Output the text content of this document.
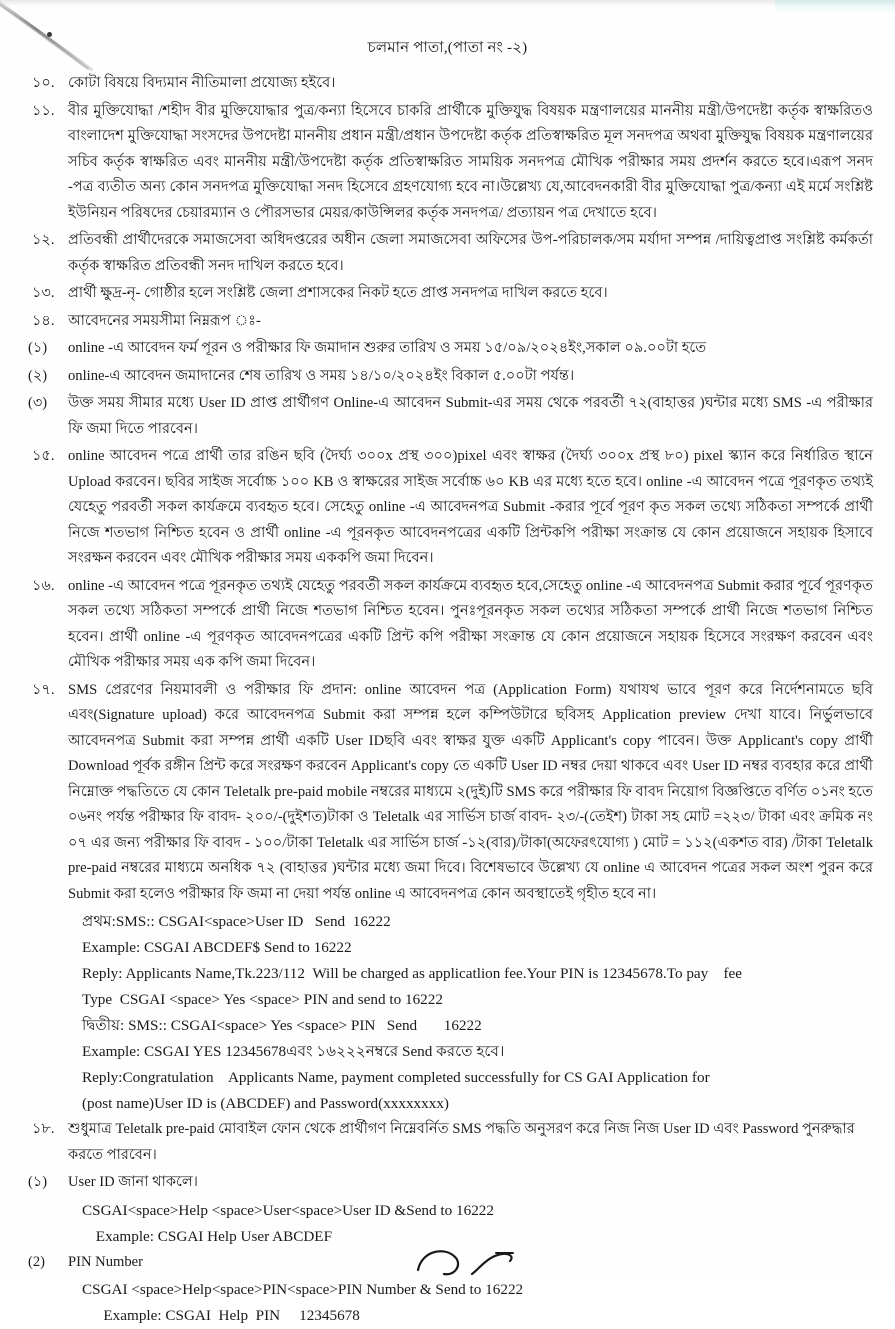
চলমান পাতা,(পাতা নং -২)
১০. কোটা বিষয়ে বিদ্যমান নীতিমালা প্রযোজ্য হইবে।
১১. বীর মুক্তিযোদ্ধা /শহীদ বীর মুক্তিযোদ্ধার পুত্র/কন্যা হিসেবে চাকরি প্রার্থীকে মুক্তিযুদ্ধ বিষয়ক মন্ত্রণালয়ের মাননীয় মন্ত্রী/উপদেষ্টা কর্তৃক স্বাক্ষরিতও বাংলাদেশ মুক্তিযোদ্ধা সংসদের উপদেষ্টা মাননীয় প্রধান মন্ত্রী/প্রধান উপদেষ্টা কর্তৃক প্রতিস্বাক্ষরিত মূল সনদপত্র অথবা মুক্তিযুদ্ধ বিষয়ক মন্ত্রণালয়ের সচিব কর্তৃক স্বাক্ষরিত এবং মাননীয় মন্ত্রী/উপদেষ্টা কর্তৃক প্রতিস্বাক্ষরিত সাময়িক সনদপত্র মৌখিক পরীক্ষার সময় প্রদর্শন করতে হবে।এরূপ সনদ -পত্র ব্যতীত অন্য কোন সনদপত্র মুক্তিযোদ্ধা সনদ হিসেবে গ্রহণযোগ্য হবে না।উল্লেখ্য যে,আবেদনকারী বীর মুক্তিযোদ্ধা পুত্র/কন্যা এই মর্মে সংশ্লিষ্ট ইউনিয়ন পরিষদের চেয়ারম্যান ও পৌরসভার মেয়র/কাউন্সিলর কর্তৃক সনদপত্র/ প্রত্যায়ন পত্র দেখাতে হবে।
১২. প্রতিবন্ধী প্রার্থীদেরকে সমাজসেবা অধিদপ্তরের অধীন জেলা সমাজসেবা অফিসের উপ-পরিচালক/সম মর্যাদা সম্পন্ন /দায়িত্বপ্রাপ্ত সংশ্লিষ্ট কর্মকর্তা কর্তৃক স্বাক্ষরিত প্রতিবন্ধী সনদ দাখিল করতে হবে।
১৩. প্রার্থী ক্ষুদ্র-নৃ- গোষ্ঠীর হলে সংশ্লিষ্ট জেলা প্রশাসকের নিকট হতে প্রাপ্ত সনদপত্র দাখিল করতে হবে।
১৪. আবেদনের সময়সীমা নিম্নরূপ ঃ-
(১)	online -এ আবেদন ফর্ম পূরন ও পরীক্ষার ফি জমাদান শুরুর তারিখ ও সময় ১৫/০৯/২০২৪ইং,সকাল ০৯.০০টা হতে
(২)	online-এ আবেদন জমাদানের শেষ তারিখ ও সময় ১৪/১০/২০২৪ইং বিকাল ৫.০০টা পর্যন্ত।
(৩)	উক্ত সময় সীমার মধ্যে User ID প্রাপ্ত প্রার্থীগণ Online-এ আবেদন Submit-এর সময় থেকে পরবর্তী ৭২(বাহাত্তর )ঘন্টার মধ্যে SMS -এ পরীক্ষার ফি জমা দিতে পারবেন।
১৫. online আবেদন পত্রে প্রার্থী তার রঙিন ছবি (দৈর্ঘ্য ৩০০x প্রস্থ ৩০০)pixel এবং স্বাক্ষর (দৈর্ঘ্য ৩০০x প্রস্থ ৮০) pixel স্ক্যান করে নির্ধারিত স্থানে Upload করবেন। ছবির সাইজ সর্বোচ্চ ১০০ KB ও স্বাক্ষরের সাইজ সর্বোচ্চ ৬০ KB এর মধ্যে হতে হবে। online -এ আবেদন পত্রে পূরণকৃত তথ্যই যেহেতু পরবর্তী সকল কার্যক্রমে ব্যবহৃত হবে। সেহেতু online -এ আবেদনপত্র Submit -করার পূর্বে পূরণ কৃত সকল তথ্যে সঠিকতা সম্পর্কে প্রার্থী নিজে শতভাগ নিশ্চিত হবেন ও প্রার্থী online -এ পূরনকৃত আবেদনপত্রের একটি প্রিন্টকপি পরীক্ষা সংক্রান্ত যে কোন প্রয়োজনে সহায়ক হিসাবে সংরক্ষন করবেন এবং মৌখিক পরীক্ষার সময় এককপি জমা দিবেন।
১৬. online -এ আবেদন পত্রে পূরনকৃত তথ্যই যেহেতু পরবর্তী সকল কার্যক্রমে ব্যবহৃত হবে,সেহেতু online -এ আবেদনপত্র Submit করার পূর্বে পূরণকৃত সকল তথ্যে সঠিকতা সম্পর্কে প্রার্থী ‌নিজে শতভাগ নিশ্চিত হবেন। পুনঃপূরনকৃত সকল তথ্যের সঠিকতা সম্পর্কে প্রার্থী নিজে শতভাগ নিশ্চিত হবেন। প্রার্থী online -এ পূরণকৃত আবেদনপত্রের একটি প্রিন্ট কপি পরীক্ষা সংক্রান্ত যে কোন প্রয়োজনে সহায়ক হিসেবে সংরক্ষণ করবেন এবং মৌখিক পরীক্ষার সময় এক কপি জমা দিবেন।
১৭. SMS প্রেরণের নিয়মাবলী ও পরীক্ষার ফি প্রদান: online আবেদন পত্র (Application Form) যথাযথ ভাবে পূরণ করে নির্দেশনামতে ছবি এবং(Signature upload) করে আবেদনপত্র Submit করা সম্পন্ন হলে কম্পিউটারে ছবিসহ Application preview দেখা যাবে। নির্ভুলভাবে আবেদনপত্র Submit করা সম্পন্ন প্রার্থী একটি User IDছবি এবং স্বাক্ষর যুক্ত একটি Applicant's copy পাবেন। উক্ত Applicant's copy প্রার্থী Download পূর্বক রঙ্গীন প্রিন্ট করে সংরক্ষণ করবেন Applicant's copy তে একটি User ID নম্বর দেয়া থাকবে এবং User ID নম্বর ব্যবহার করে প্রার্থী নিম্নোক্ত পদ্ধতিতে যে কোন Teletalk pre-paid mobile নম্বরের মাধ্যমে ২(দুই)টি SMS করে পরীক্ষার ফি বাবদ নিয়োগ বিজ্ঞপ্তিতে বর্ণিত ০১নং হতে ০৬নং পর্যন্ত পরীক্ষার ফি বাবদ- ২০০/-(দুইশত)টাকা ও Teletalk এর সার্ভিস চার্জ বাবদ- ২৩/-(তেইশ) টাকা সহ মোট =২২৩/ টাকা এবং ক্রমিক নং ০৭ এর জন্য পরীক্ষার ফি বাবদ - ১০০/টাকা Teletalk এর সার্ভিস চার্জ -১২(বার)/টাকা(অফেরৎযোগ্য ) মোট = ১১২(একশত বার) /টাকা Teletalk pre-paid নম্বরের মাধ্যমে অনধিক ৭২ (বাহাত্তর )ঘন্টার মধ্যে জমা দিবে। বিশেষভাবে উল্লেখ্য যে online এ আবেদন পত্রের সকল অংশ পুরন করে Submit করা হলেও পরীক্ষার ফি জমা না দেয়া পর্যন্ত online এ আবেদনপত্র কোন অবস্থাতেই গৃহীত হবে না।
প্রথম:SMS:: CSGAI<space>User ID   Send  16222
Example: CSGAI ABCDEF$ Send to 16222
Reply: Applicants Name,Tk.223/112  Will be charged as applicatlion fee.Your PIN is 12345678.To pay    fee
Type  CSGAI <space> Yes <space> PIN and send to 16222
দ্বিতীয়: SMS:: CSGAI<space> Yes <space> PIN   Send       16222
Example: CSGAI YES 12345678এবং ১৬২২২নম্বরে Send করতে হবে।
Reply:Congratulation    Applicants Name, payment completed successfully for CS GAI Application for
(post name)User ID is (ABCDEF) and Password(xxxxxxxx)
১৮. শুধুমাত্র Teletalk pre-paid মোবাইল ফোন থেকে প্রার্থীগণ নিম্নেবর্নিত SMS পদ্ধতি অনুসরণ করে নিজ নিজ User ID এবং Password পুনরুদ্ধার করতে পারবেন।
(১)	User ID জানা থাকলে।
CSGAI<space>Help <space>User<space>User ID &Send to 16222
Example: CSGAI Help User ABCDEF
(2)	PIN Number
CSGAI <space>Help<space>PIN<space>PIN Number & Send to 16222
Example: CSGAI  Help  PIN     12345678
